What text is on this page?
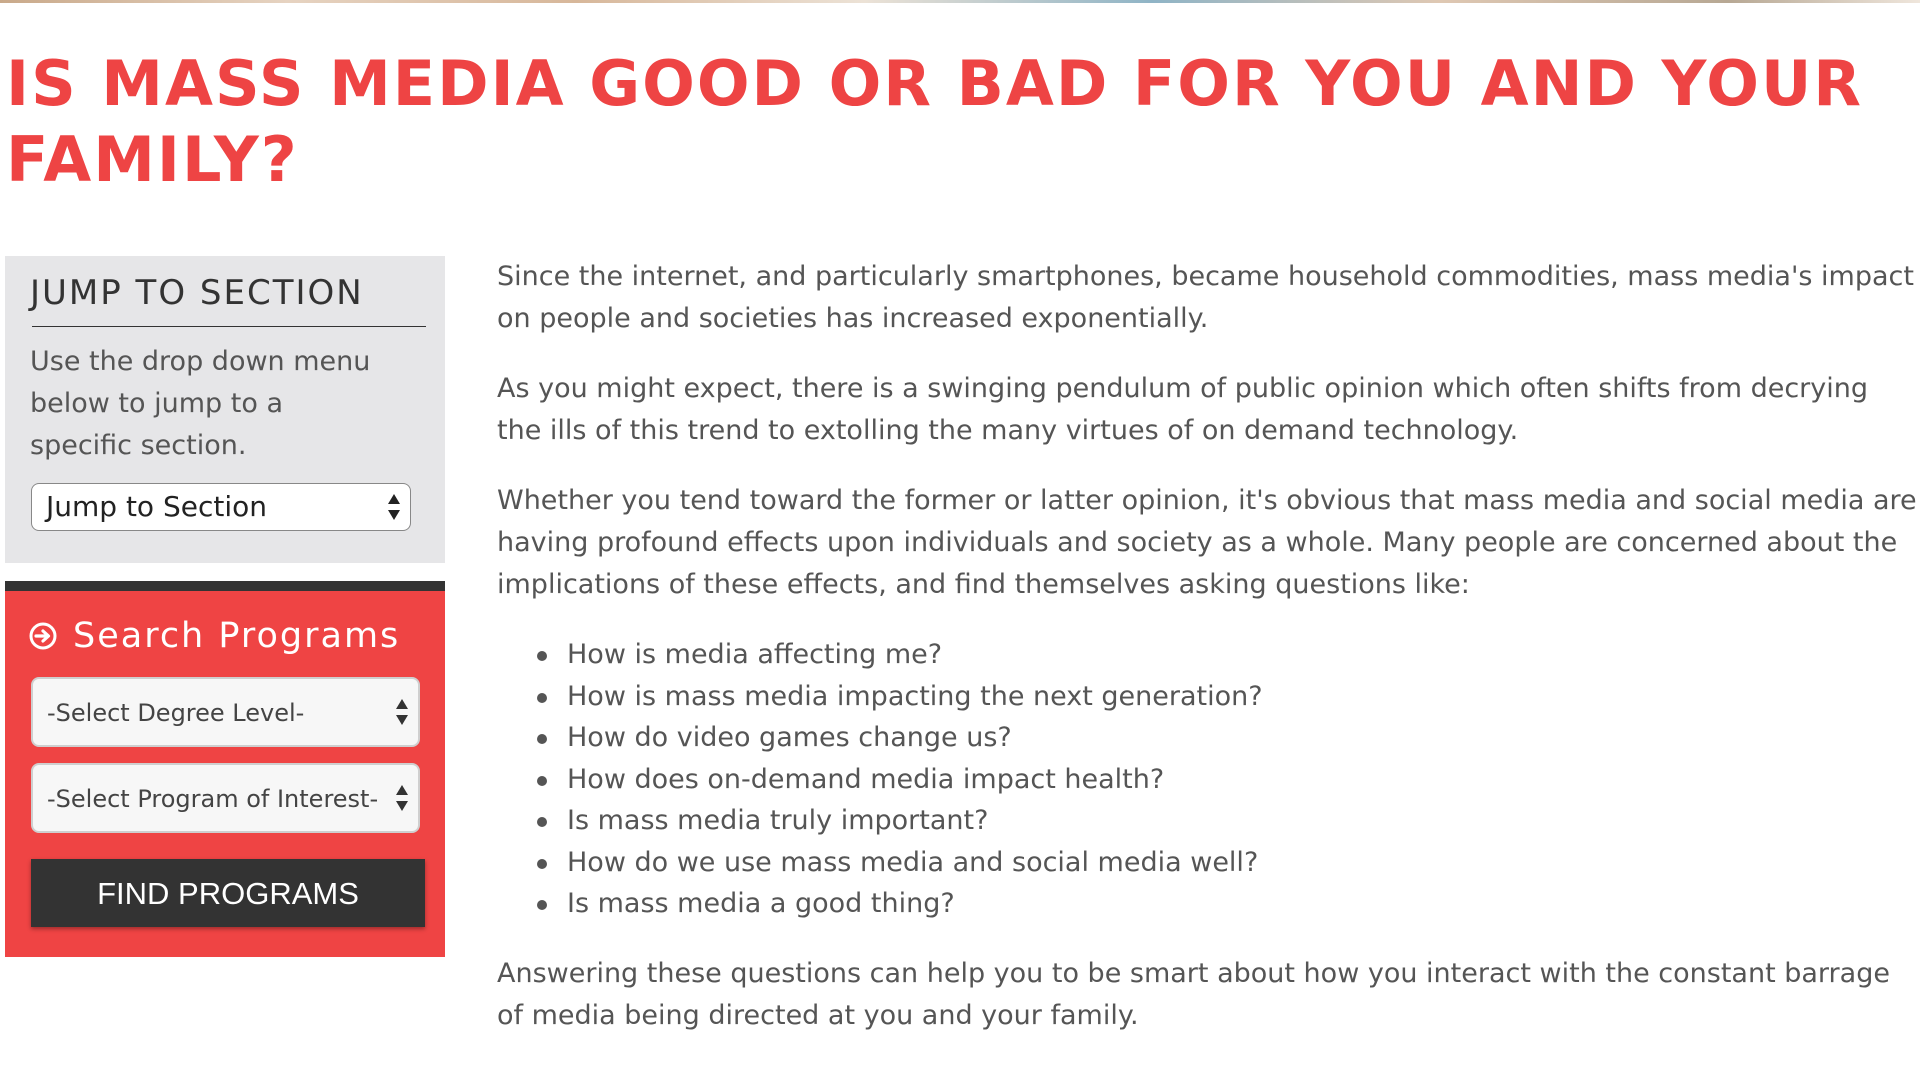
IS MASS MEDIA GOOD OR BAD FOR YOU AND YOUR FAMILY?
JUMP TO SECTION

Use the drop down menu below to jump to a specific section.

Jump to Section
Search Programs
-Select Degree Level-
-Select Program of Interest-
FIND PROGRAMS

Since the internet, and particularly smartphones, became household commodities, mass media's impact on people and societies has increased exponentially.

As you might expect, there is a swinging pendulum of public opinion which often shifts from decrying the ills of this trend to extolling the many virtues of on demand technology.

Whether you tend toward the former or latter opinion, it's obvious that mass media and social media are having profound effects upon individuals and society as a whole. Many people are concerned about the implications of these effects, and find themselves asking questions like:

How is media affecting me?
How is mass media impacting the next generation?
How do video games change us?
How does on-demand media impact health?
Is mass media truly important?
How do we use mass media and social media well?
Is mass media a good thing?

Answering these questions can help you to be smart about how you interact with the constant barrage of media being directed at you and your family.
